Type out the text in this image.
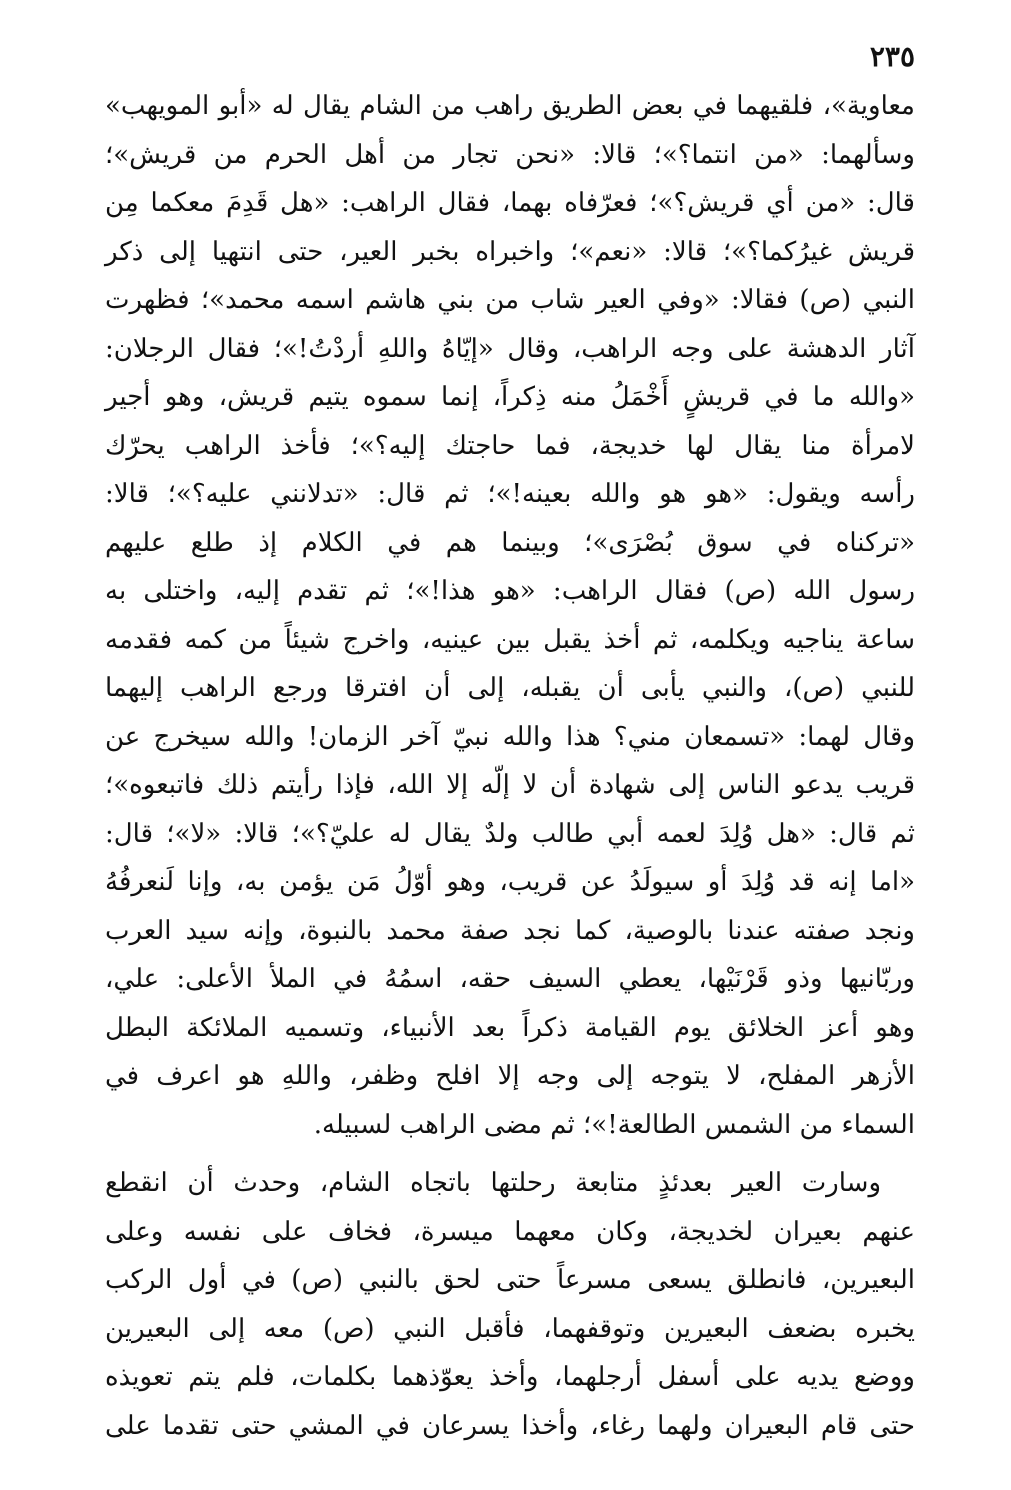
٢٣٥
معاوية»، فلقيهما في بعض الطريق راهب من الشام يقال له «أبو المويهب»
وسألهما: «من انتما؟»؛ قالا: «نحن تجار من أهل الحرم من قريش»؛
قال: «من أي قريش؟»؛ فعرّفاه بهما، فقال الراهب: «هل قَدِمَ معكما مِن
قريش غيرُكما؟»؛ قالا: «نعم»؛ واخبراه بخبر العير، حتى انتهيا إلى ذكر
النبي (ص) فقالا: «وفي العير شاب من بني هاشم اسمه محمد»؛ فظهرت
آثار الدهشة على وجه الراهب، وقال «إيّاهُ واللهِ أردْتُ!»؛ فقال الرجلان:
«والله ما في قريشٍ أَخْمَلُ منه ذِكراً، إنما سموه يتيم قريش، وهو أجير
لامرأة منا يقال لها خديجة، فما حاجتك إليه؟»؛ فأخذ الراهب يحرّك
رأسه ويقول: «هو هو والله بعينه!»؛ ثم قال: «تدلانني عليه؟»؛ قالا:
«تركناه في سوق بُصْرَى»؛ وبينما هم في الكلام إذ طلع عليهم
رسول الله (ص) فقال الراهب: «هو هذا!»؛ ثم تقدم إليه، واختلى به
ساعة يناجيه ويكلمه، ثم أخذ يقبل بين عينيه، واخرج شيئاً من كمه فقدمه
للنبي (ص)، والنبي يأبى أن يقبله، إلى أن افترقا ورجع الراهب إليهما
وقال لهما: «تسمعان مني؟ هذا والله نبيّ آخر الزمان! والله سيخرج عن
قريب يدعو الناس إلى شهادة أن لا إلّه إلا الله، فإذا رأيتم ذلك فاتبعوه»؛
ثم قال: «هل وُلِدَ لعمه أبي طالب ولدٌ يقال له عليّ؟»؛ قالا: «لا»؛ قال:
«اما إنه قد وُلِدَ أو سيولَدُ عن قريب، وهو أوّلُ مَن يؤمن به، وإنا لَنعرفُهُ
ونجد صفته عندنا بالوصية، كما نجد صفة محمد بالنبوة، وإنه سيد العرب
وربّانيها وذو قَرْنَيْها، يعطي السيف حقه، اسمُهُ في الملأ الأعلى: علي،
وهو أعز الخلائق يوم القيامة ذكراً بعد الأنبياء، وتسميه الملائكة البطل
الأزهر المفلح، لا يتوجه إلى وجه إلا افلح وظفر، واللهِ هو اعرف في
السماء من الشمس الطالعة!»؛ ثم مضى الراهب لسبيله.
وسارت العير بعدئذٍ متابعة رحلتها باتجاه الشام، وحدث أن انقطع
عنهم بعيران لخديجة، وكان معهما ميسرة، فخاف على نفسه وعلى
البعيرين، فانطلق يسعى مسرعاً حتى لحق بالنبي (ص) في أول الركب
يخبره بضعف البعيرين وتوقفهما، فأقبل النبي (ص) معه إلى البعيرين
ووضع يديه على أسفل أرجلهما، وأخذ يعوّذهما بكلمات، فلم يتم تعويذه
حتى قام البعيران ولهما رغاء، وأخذا يسرعان في المشي حتى تقدما على
